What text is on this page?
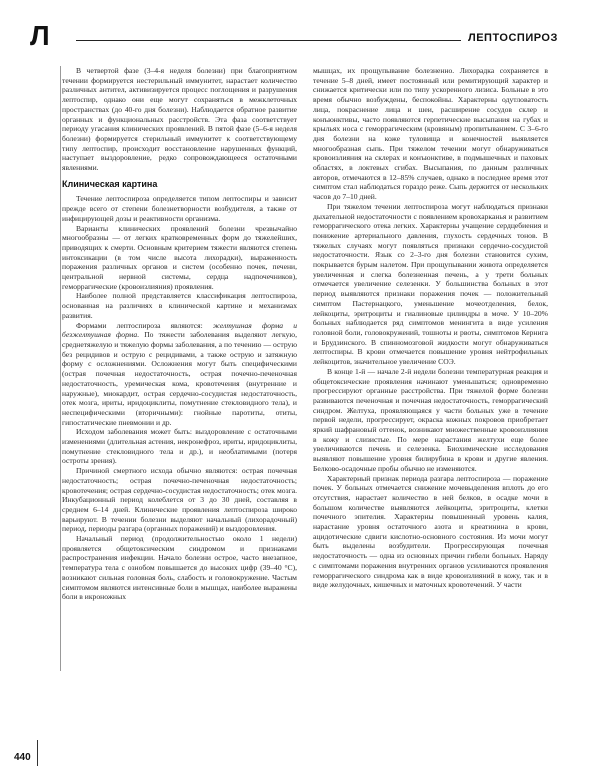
Л	ЛЕПТОСПИРОЗ

В четвертой фазе (3–4-я неделя болезни) при благоприятном течении формируется нестерильный иммунитет, нарастает количество различных антител, активизируется процесс поглощения и разрушения лептоспир, однако они еще могут сохраняться в межклеточных пространствах (до 40-го дня болезни). Наблюдается обратное развитие органных и функциональных расстройств. Эта фаза соответствует периоду угасания клинических проявлений. В пятой фазе (5–6-я неделя болезни) формируется стерильный иммунитет к соответствующему типу лептоспир, происходит восстановление нарушенных функций, наступает выздоровление, редко сопровождающееся остаточными явлениями.

Клиническая картина

Течение лептоспироза определяется типом лептоспиры и зависит прежде всего от степени болезнетворности возбудителя, а также от инфицирующей дозы и реактивности организма.

Варианты клинических проявлений болезни чрезвычайно многообразны — от легких кратковременных форм до тяжелейших, приводящих к смерти. Основным критерием тяжести являются степень интоксикации (в том числе высота лихорадки), выраженность поражения различных органов и систем (особенно почек, печени, центральной нервной системы, сердца надпочечников), геморрагические (кровоизлияния) проявления.

Наиболее полной представляется классификация лептоспироза, основанная на различиях в клинической картине и механизмах развития.

Формами лептоспироза являются: желтушная форма и безжелтушная форма. По тяжести заболевания выделяют легкую, среднетяжелую и тяжелую формы заболевания, а по течению — острую без рецидивов и острую с рецидивами, а также острую и затяжную форму с осложнениями. Осложнения могут быть специфическими (острая почечная недостаточность, острая почечно-печеночная недостаточность, уремическая кома, кровотечения (внутренние и наружные), миокардит, острая сердечно-сосудистая недостаточность, отек мозга, ириты, иридоциклиты, помутнение стекловидного тела), и неспецифическими (вторичными): гнойные паротиты, отиты, гипостатические пневмонии и др.

Исходом заболевания может быть: выздоровление с остаточными изменениями (длительная астения, некронефроз, ириты, иридоциклиты, помутнение стекловидного тела и др.), и необлатимыми (потеря остроты зрения).

Причиной смертного исхода обычно являются: острая почечная недостаточность; острая почечно-печеночная недостаточность; кровотечения; острая сердечно-сосудистая недостаточность; отек мозга. Инкубационный период колеблется от 3 до 30 дней, составляя в среднем 6–14 дней. Клинические проявления лептоспироза широко варьируют. В течении болезни выделяют начальный (лихорадочный) период, периоды разгара (органных поражений) и выздоровления.

Начальный период (продолжительностью около 1 недели) проявляется общетоксическим синдромом и признаками распространения инфекции. Начало болезни острое, часто внезапное, температура тела с ознобом повышается до высоких цифр (39–40 °С), возникают сильная головная боль, слабость и головокружение. Частым симптомом являются интенсивные боли в мышцах, наиболее выражены боли в икроножных

мышцах, их прощупывание болезненно. Лихорадка сохраняется в течение 5–8 дней, имеет постоянный или ремитирующий характер и снижается критически или по типу ускоренного лизиса. Больные в это время обычно возбуждены, беспокойны. Характерны одутловатость лица, покраснение лица и шеи, расширение сосудов склер и конъюнктивы, часто появляются герпетические высыпания на губах и крыльях носа с геморрагическим (кровяным) пропитыванием. С 3–6-го дня болезни на коже туловища и конечностей выявляется многообразная сыпь. При тяжелом течении могут обнаруживаться кровоизлияния на склерах и конъюнктиве, в подмышечных и паховых областях, в локтевых сгибах. Высыпания, по данным различных авторов, отмечаются в 12–85% случаев, однако в последнее время этот симптом стал наблюдаться гораздо реже. Сыпь держится от нескольких часов до 7–10 дней.

При тяжелом течении лептоспироза могут наблюдаться признаки дыхательной недостаточности с появлением кровохарканья и развитием геморрагического отека легких. Характерны учащение сердцебиения и понижение артериального давления, глухость сердечных тонов. В тяжелых случаях могут появляться признаки сердечно-сосудистой недостаточности. Язык со 2–3-го дня болезни становится сухим, покрывается бурым налетом. При прощупывании живота определяется увеличенная и слегка болезненная печень, а у трети больных отмечается увеличение селезенки. У большинства больных в этот период выявляются признаки поражения почек — положительный симптом Пастернацкого, уменьшение мочеотделения, белок, лейкоциты, эритроциты и гиалиновые цилиндры в моче. У 10–20% больных наблюдается ряд симптомов менингита в виде усиления головной боли, головокружений, тошноты и рвоты, симптомов Кернига и Брудзинского. В спинномозговой жидкости могут обнаруживаться лептоспиры. В крови отмечается повышение уровня нейтрофильных лейкоцитов, значительное увеличение СОЭ.

В конце 1-й — начале 2-й недели болезни температурная реакция и общетоксические проявления начинают уменьшаться; одновременно прогрессируют органные расстройства. При тяжелой форме болезни развиваются печеночная и почечная недостаточность, геморрагический синдром. Желтуха, проявляющаяся у части больных уже в течение первой недели, прогрессирует, окраска кожных покровов приобретает яркий шафрановый оттенок, возникают множественные кровоизлияния в кожу и слизистые. По мере нарастания желтухи еще более увеличиваются печень и селезенка. Биохимические исследования выявляют повышение уровня билирубина в крови и другие явления. Белково-осадочные пробы обычно не изменяются.

Характерный признак периода разгара лептоспироза — поражение почек. У больных отмечается снижение мочевыделения вплоть до его отсутствия, нарастает количество в ней белков, в осадке мочи в большом количестве выявляются лейкоциты, эритроциты, клетки почечного эпителия. Характерны повышенный уровень калия, нарастание уровня остаточного азота и креатинина в крови, ацидотические сдвиги кислотно-основного состояния. Из мочи могут быть выделены возбудители. Прогрессирующая почечная недостаточность — одна из основных причин гибели больных. Наряду с симптомами поражения внутренних органов усиливаются проявления геморрагического синдрома как в виде кровоизлияний в кожу, так и в виде желудочных, кишечных и маточных кровотечений. У части

440
